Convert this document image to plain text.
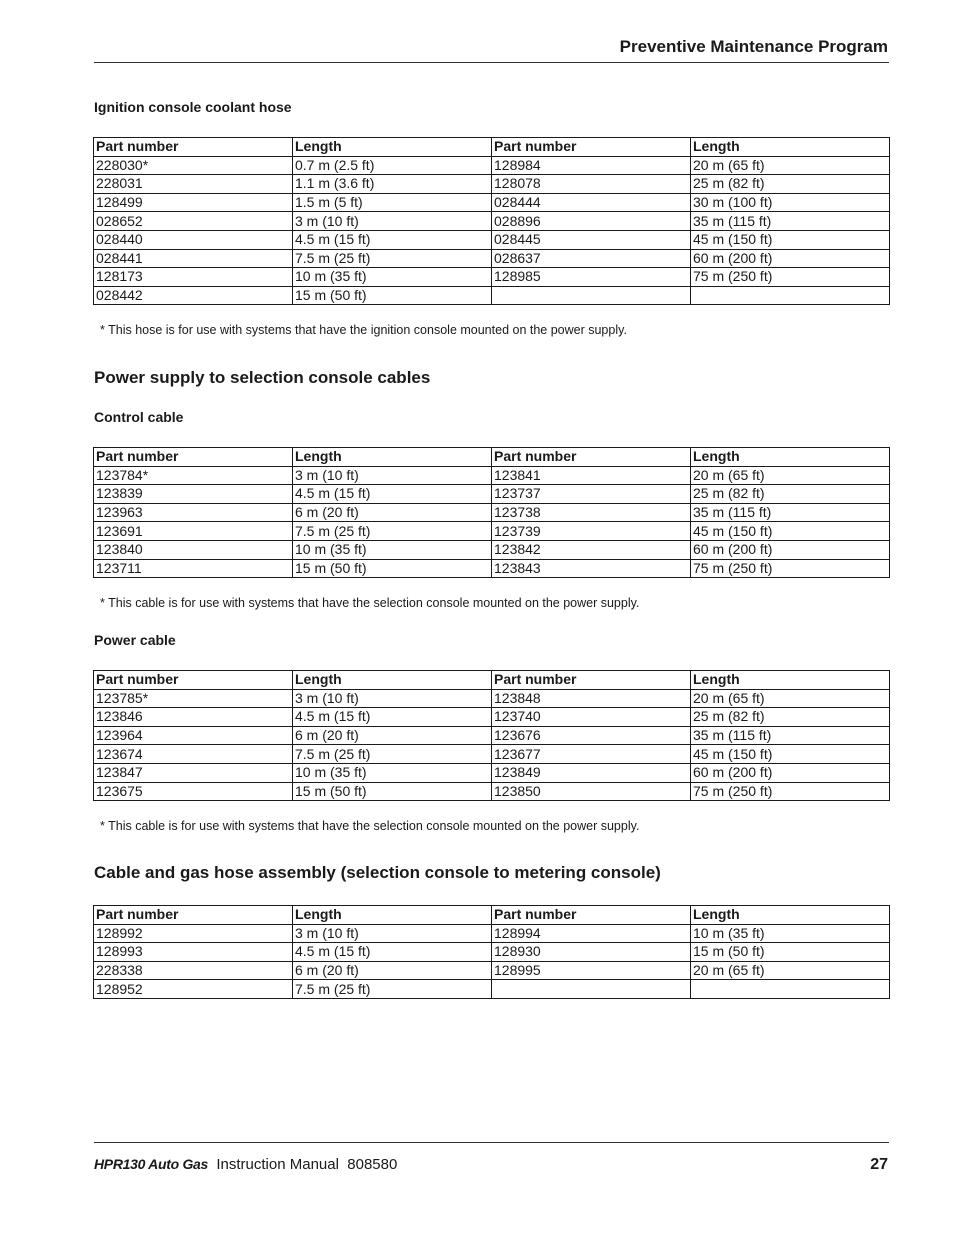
Preventive Maintenance Program
Ignition console coolant hose
Part number	Length	Part number	Length
228030*	0.7 m (2.5 ft)	128984	20 m (65 ft)
228031	1.1 m (3.6 ft)	128078	25 m (82 ft)
128499	1.5 m (5 ft)	028444	30 m (100 ft)
028652	3 m (10 ft)	028896	35 m (115 ft)
028440	4.5 m (15 ft)	028445	45 m (150 ft)
028441	7.5 m (25 ft)	028637	60 m (200 ft)
128173	10 m (35 ft)	128985	75 m (250 ft)
028442	15 m (50 ft)		
* This hose is for use with systems that have the ignition console mounted on the power supply.
Power supply to selection console cables
Control cable
Part number	Length	Part number	Length
123784*	3 m (10 ft)	123841	20 m (65 ft)
123839	4.5 m (15 ft)	123737	25 m (82 ft)
123963	6 m (20 ft)	123738	35 m (115 ft)
123691	7.5 m (25 ft)	123739	45 m (150 ft)
123840	10 m (35 ft)	123842	60 m (200 ft)
123711	15 m (50 ft)	123843	75 m (250 ft)
* This cable is for use with systems that have the selection console mounted on the power supply.
Power cable
Part number	Length	Part number	Length
123785*	3 m (10 ft)	123848	20 m (65 ft)
123846	4.5 m (15 ft)	123740	25 m (82 ft)
123964	6 m (20 ft)	123676	35 m (115 ft)
123674	7.5 m (25 ft)	123677	45 m (150 ft)
123847	10 m (35 ft)	123849	60 m (200 ft)
123675	15 m (50 ft)	123850	75 m (250 ft)
* This cable is for use with systems that have the selection console mounted on the power supply.
Cable and gas hose assembly (selection console to metering console)
Part number	Length	Part number	Length
128992	3 m (10 ft)	128994	10 m (35 ft)
128993	4.5 m (15 ft)	128930	15 m (50 ft)
228338	6 m (20 ft)	128995	20 m (65 ft)
128952	7.5 m (25 ft)		
HPR130 Auto Gas Instruction Manual 808580	27
